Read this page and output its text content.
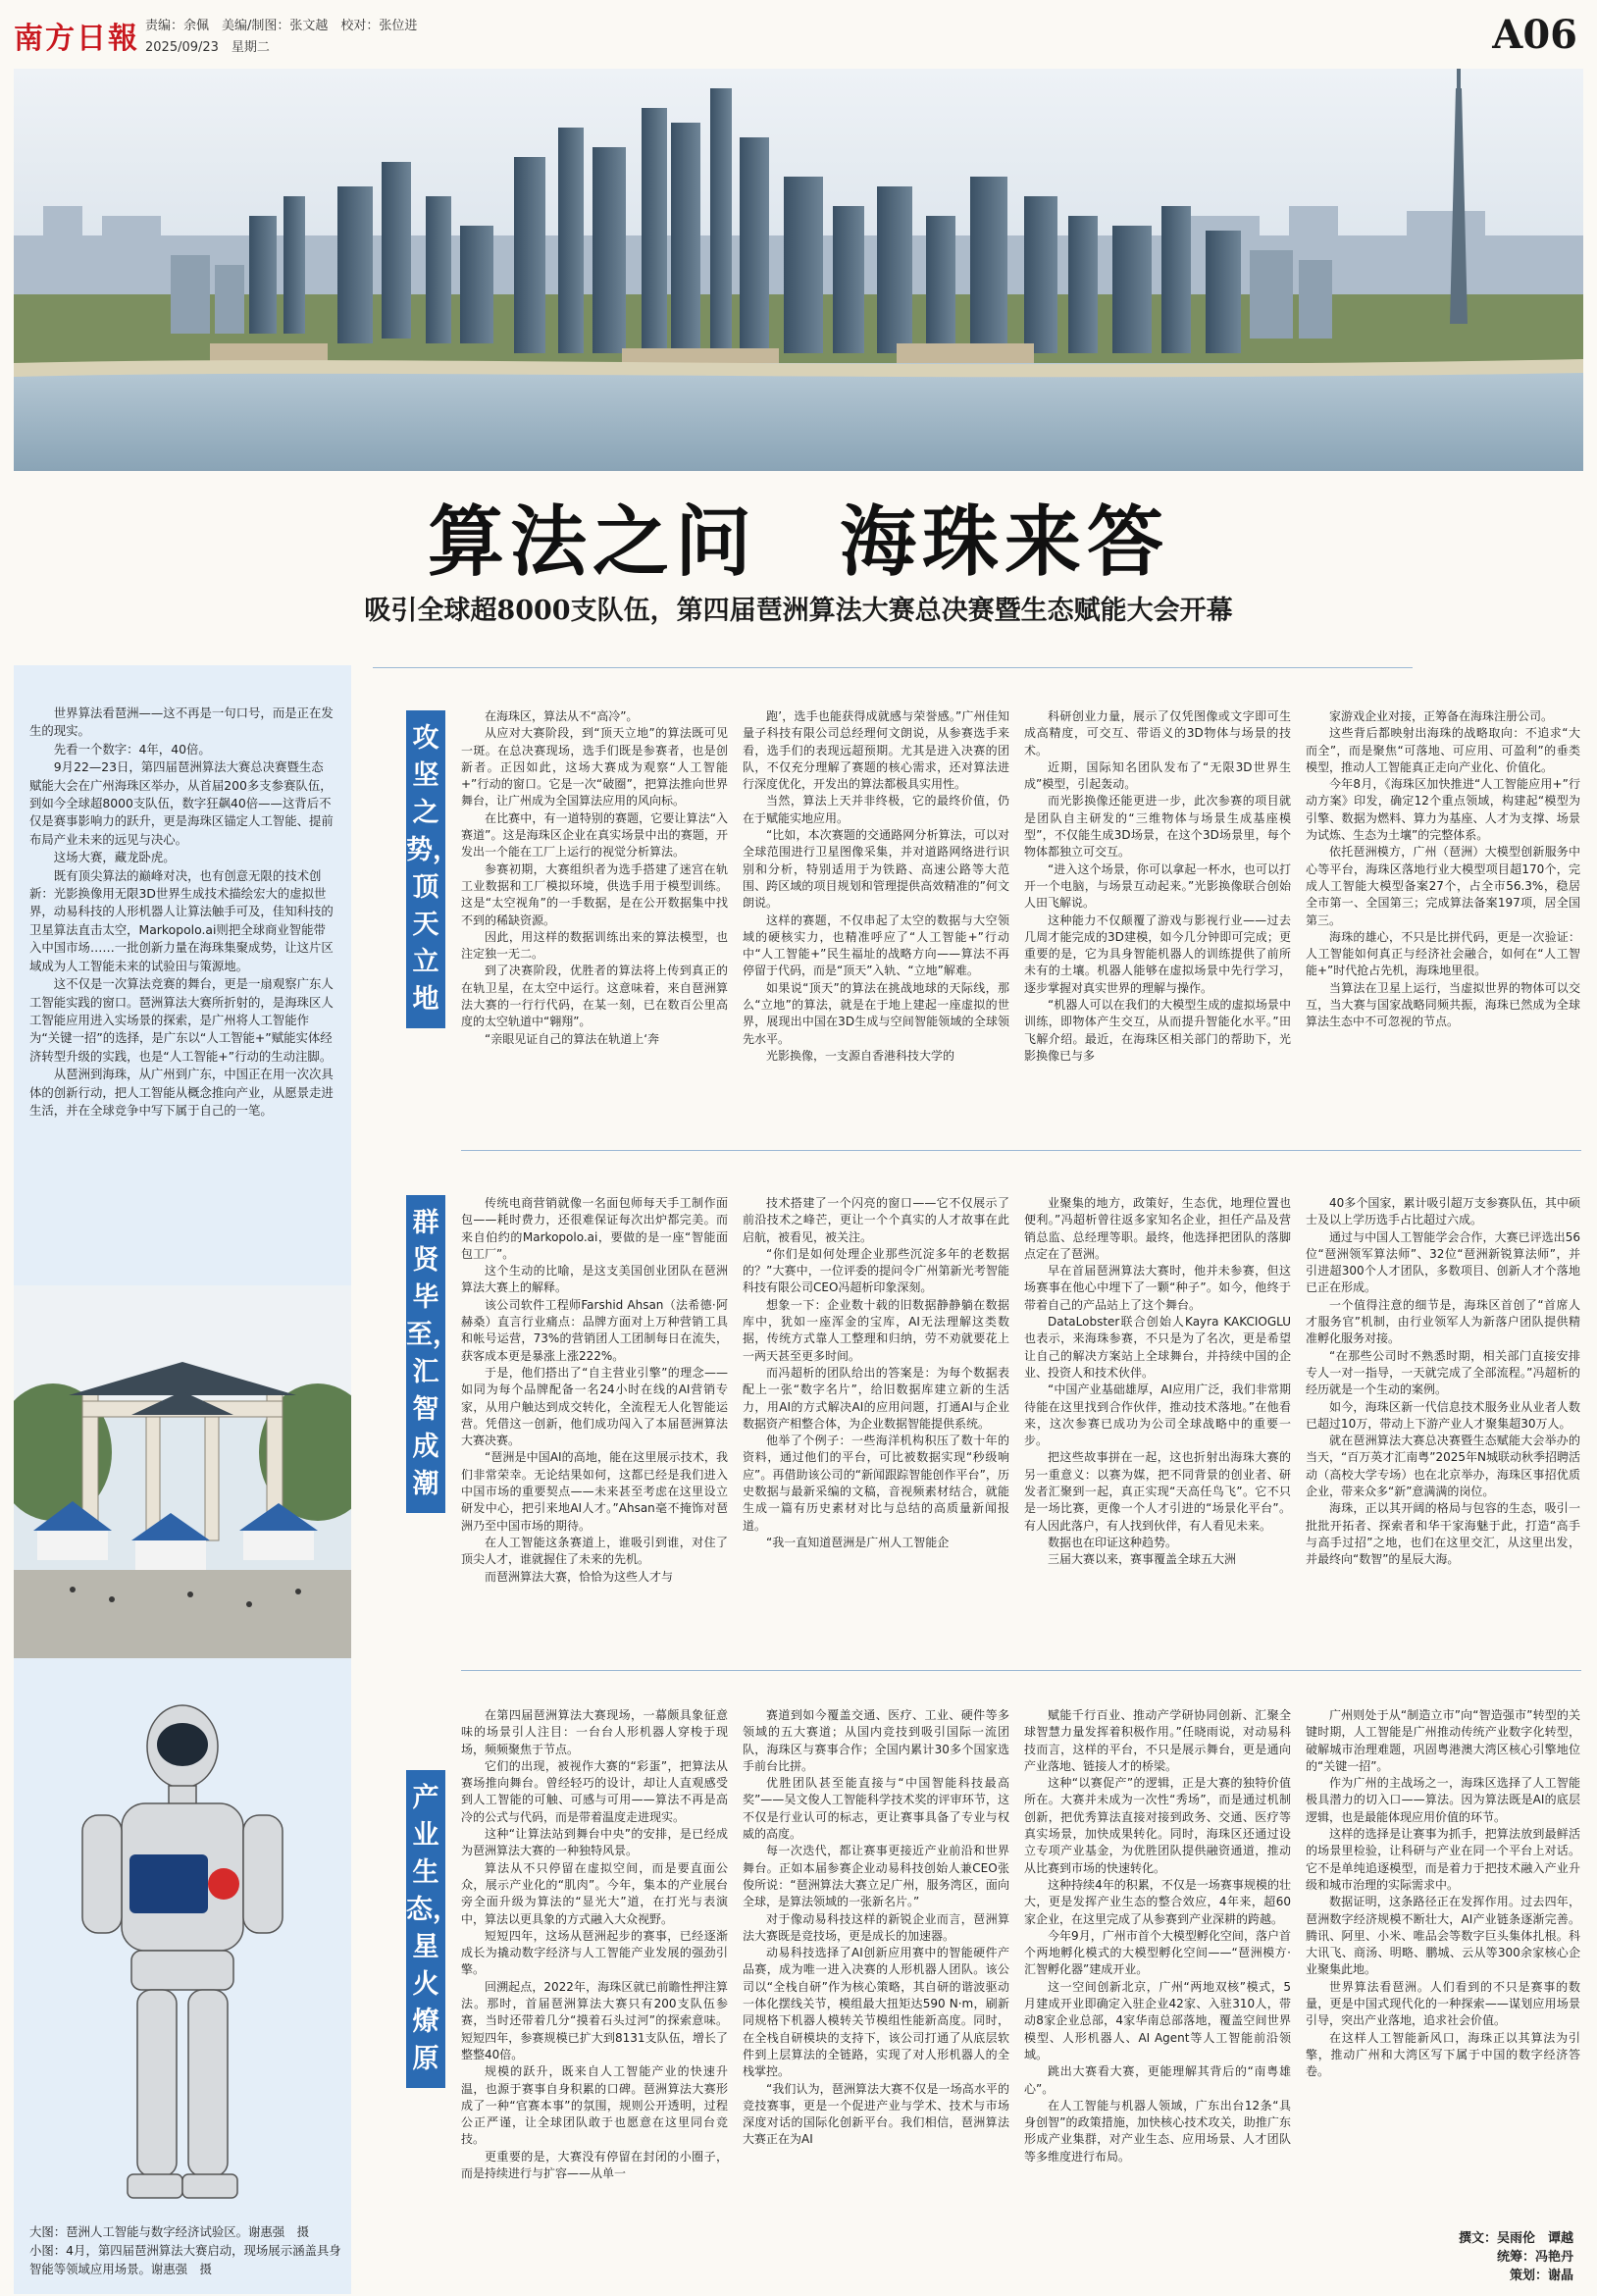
南方日報 责编：余佩　美编/制图：张文越　校对：张位进
2025/09/23　星期二	A06
算法之问　海珠来答
吸引全球超8000支队伍，第四届琶洲算法大赛总决赛暨生态赋能大会开幕

世界算法看琶洲——这不再是一句口号，而是正在发生的现实。

先看一个数字：4年，40倍。

9月22—23日，第四届琶洲算法大赛总决赛暨生态赋能大会在广州海珠区举办，从首届200多支参赛队伍，到如今全球超8000支队伍，数字狂飙40倍——这背后不仅是赛事影响力的跃升，更是海珠区锚定人工智能、提前布局产业未来的远见与决心。

这场大赛，藏龙卧虎。

既有顶尖算法的巅峰对决，也有创意无限的技术创新：光影换像用无限3D世界生成技术描绘宏大的虚拟世界，动易科技的人形机器人让算法触手可及，佳知科技的卫星算法直击太空，Markopolo.ai则把全球商业智能带入中国市场……一批创新力量在海珠集聚成势，让这片区域成为人工智能未来的试验田与策源地。

这不仅是一次算法竞赛的舞台，更是一扇观察广东人工智能实践的窗口。琶洲算法大赛所折射的，是海珠区人工智能应用进入实场景的探索，是广州将人工智能作为“关键一招”的选择，是广东以“人工智能+”赋能实体经济转型升级的实践，也是“人工智能+”行动的生动注脚。

从琶洲到海珠，从广州到广东，中国正在用一次次具体的创新行动，把人工智能从概念推向产业，从愿景走进生活，并在全球竞争中写下属于自己的一笔。

大图：琶洲人工智能与数字经济试验区。谢惠强　摄
小图：4月，第四届琶洲算法大赛启动，现场展示涵盖具身智能等领域应用场景。谢惠强　摄
攻坚之势，顶天立地

在海珠区，算法从不“高冷”。

从应对大赛阶段，到“顶天立地”的算法既可见一斑。在总决赛现场，选手们既是参赛者，也是创新者。正因如此，这场大赛成为观察“人工智能+”行动的窗口。它是一次“破圈”，把算法推向世界舞台，让广州成为全国算法应用的风向标。

在比赛中，有一道特别的赛题，它要让算法“入赛道”。这是海珠区企业在真实场景中出的赛题，开发出一个能在工厂上运行的视觉分析算法。

参赛初期，大赛组织者为选手搭建了迷宫在轨工业数据和工厂模拟环境，供选手用于模型训练。这是“太空视角”的一手数据，是在公开数据集中找不到的稀缺资源。

因此，用这样的数据训练出来的算法模型，也注定独一无二。

到了决赛阶段，优胜者的算法将上传到真正的在轨卫星，在太空中运行。这意味着，来自琶洲算法大赛的一行行代码，在某一刻，已在数百公里高度的太空轨道中“翱翔”。

“亲眼见证自己的算法在轨道上‘奔

跑’，选手也能获得成就感与荣誉感。”广州佳知量子科技有限公司总经理何文朗说，从参赛选手来看，选手们的表现远超预期。尤其是进入决赛的团队，不仅充分理解了赛题的核心需求，还对算法进行深度优化，开发出的算法都极具实用性。

当然，算法上天并非终极，它的最终价值，仍在于赋能实地应用。

“比如，本次赛题的交通路网分析算法，可以对全球范围进行卫星图像采集，并对道路网络进行识别和分析，特别适用于为铁路、高速公路等大范围、跨区域的项目规划和管理提供高效精准的”何文朗说。

这样的赛题，不仅串起了太空的数据与大空领域的硬核实力，也精准呼应了“人工智能+”行动中“人工智能+”民生福址的战略方向——算法不再停留于代码，而是“顶天”入轨、“立地”解难。

如果说“顶天”的算法在挑战地球的天际线，那么“立地”的算法，就是在于地上建起一座虚拟的世界，展现出中国在3D生成与空间智能领域的全球领先水平。

光影换像，一支源自香港科技大学的

科研创业力量，展示了仅凭图像或文字即可生成高精度，可交互、带语义的3D物体与场景的技术。

近期，国际知名团队发布了“无限3D世界生成”模型，引起轰动。

而光影换像还能更进一步，此次参赛的项目就是团队自主研发的“三维物体与场景生成基座模型”，不仅能生成3D场景，在这个3D场景里，每个物体都独立可交互。

“进入这个场景，你可以拿起一杯水，也可以打开一个电脑，与场景互动起来。”光影换像联合创始人田飞解说。

这种能力不仅颠覆了游戏与影视行业——过去几周才能完成的3D建模，如今几分钟即可完成；更重要的是，它为具身智能机器人的训练提供了前所未有的土壤。机器人能够在虚拟场景中先行学习，逐步掌握对真实世界的理解与操作。

“机器人可以在我们的大模型生成的虚拟场景中训练，即物体产生交互，从而提升智能化水平。”田飞解介绍。最近，在海珠区相关部门的帮助下，光影换像已与多

家游戏企业对接，正筹备在海珠注册公司。

这些背后都映射出海珠的战略取向：不追求“大而全”，而是聚焦“可落地、可应用、可盈利”的垂类模型，推动人工智能真正走向产业化、价值化。

今年8月，《海珠区加快推进“人工智能应用+”行动方案》印发，确定12个重点领域，构建起“模型为引擎、数据为燃料、算力为基座、人才为支撑、场景为试炼、生态为土壤”的完整体系。

依托琶洲模方，广州（琶洲）大模型创新服务中心等平台，海珠区落地行业大模型项目超170个，完成人工智能大模型备案27个，占全市56.3%，稳居全市第一、全国第三；完成算法备案197项，居全国第三。

海珠的雄心，不只是比拼代码，更是一次验证：人工智能如何真正与经济社会融合，如何在“人工智能+”时代抢占先机，海珠地里很。

当算法在卫星上运行，当虚拟世界的物体可以交互，当大赛与国家战略同频共振，海珠已然成为全球算法生态中不可忽视的节点。

群贤毕至，汇智成潮

传统电商营销就像一名面包师每天手工制作面包——耗时费力，还很难保证每次出炉都完美。而来自伯约的Markopolo.ai，要做的是一座“智能面包工厂”。

这个生动的比喻，是这支美国创业团队在琶洲算法大赛上的解释。

该公司软件工程师Farshid Ahsan（法希德·阿赫桑）直言行业痛点：品牌方面对上万种营销工具和帐号运营，73%的营销团人工团制每日在流失，获客成本更是暴涨上涨222%。

于是，他们搭出了“自主营业引擎”的理念——如同为每个品牌配备一名24小时在线的AI营销专家，从用户触达到成交转化，全流程无人化智能运营。凭借这一创新，他们成功闯入了本届琶洲算法大赛决赛。

“琶洲是中国AI的高地，能在这里展示技术，我们非常荣幸。无论结果如何，这都已经是我们进入中国市场的重要契点——未来甚至考虑在这里设立研发中心，把引来地AI人才。”Ahsan毫不掩饰对琶洲乃至中国市场的期待。

在人工智能这条赛道上，谁吸引到谁，对住了顶尖人才，谁就握住了未来的先机。

而琶洲算法大赛，恰恰为这些人才与

技术搭建了一个闪亮的窗口——它不仅展示了前沿技术之峰芒，更让一个个真实的人才故事在此启航，被看见，被关注。

“你们是如何处理企业那些沉淀多年的老数据的？”大赛中，一位评委的提问令广州第新光考智能科技有限公司CEO冯超析印象深刻。

想象一下：企业数十载的旧数据静静躺在数据库中，犹如一座浑金的宝库，AI无法理解这类数据，传统方式靠人工整理和归纳，劳不劝就要花上一两天甚至更多时间。

而冯超析的团队给出的答案是：为每个数据表配上一张“数字名片”，给旧数据库建立新的生活力，用AI的方式解决AI的应用问题，打通AI与企业数据资产相整合体，为企业数据智能提供系统。

他举了个例子：一些海洋机构积压了数十年的资料，通过他们的平台，可比被数据实现“秒级响应”。再借助该公司的“新闻跟踪智能创作平台”，历史数据与最新采编的文稿，音视频素材结合，就能生成一篇有历史素材对比与总结的高质量新闻报道。

“我一直知道琶洲是广州人工智能企

业聚集的地方，政策好，生态优，地理位置也便利。”冯超析曾往返多家知名企业，担任产品及营销总监、总经理等职。最终，他选择把团队的落脚点定在了琶洲。

早在首届琶洲算法大赛时，他并未参赛，但这场赛事在他心中埋下了一颗“种子”。如今，他终于带着自己的产品站上了这个舞台。

DataLobster联合创始人Kayra KAKCIOGLU也表示，来海珠参赛，不只是为了名次，更是希望让自己的解决方案站上全球舞台，并持续中国的企业、投资人和技术伙伴。

“中国产业基础雄厚，AI应用广泛，我们非常期待能在这里找到合作伙伴，推动技术落地。”在他看来，这次参赛已成功为公司全球战略中的重要一步。

把这些故事拼在一起，这也折射出海珠大赛的另一重意义：以赛为媒，把不同背景的创业者、研发者汇聚到一起，真正实现“天高任鸟飞”。它不只是一场比赛，更像一个人才引进的“场景化平台”。有人因此落户，有人找到伙伴，有人看见未来。

数据也在印证这种趋势。

三届大赛以来，赛事覆盖全球五大洲

40多个国家，累计吸引超万支参赛队伍，其中硕士及以上学历选手占比超过六成。

通过与中国人工智能学会合作，大赛已评选出56位“琶洲领军算法师”、32位“琶洲新锐算法师”，并引进超300个人才团队，多数项目、创新人才个落地已正在形成。

一个值得注意的细节是，海珠区首创了“首席人才服务官”机制，由行业领军人为新落户团队提供精准孵化服务对接。

“在那些公司时不熟悉时期，相关部门直接安排专人一对一指导，一天就完成了全部流程。”冯超析的经历就是一个生动的案例。

如今，海珠区新一代信息技术服务业从业者人数已超过10万，带动上下游产业人才聚集超30万人。

就在琶洲算法大赛总决赛暨生态赋能大会举办的当天，“百万英才汇南粤”2025年N城联动秋季招聘活动（高校大学专场）也在北京举办，海珠区事招优质企业，带来众多“新”意满满的岗位。

海珠，正以其开阔的格局与包容的生态，吸引一批批开拓者、探索者和华干家海魅于此，打造“高手与高手过招”之地，也们在这里交汇，从这里出发，并最终向“数智”的星辰大海。

产业生态，星火燎原

在第四届琶洲算法大赛现场，一幕颇具象征意味的场景引人注目：一台台人形机器人穿梭于现场，频频聚焦于节点。

它们的出现，被视作大赛的“彩蛋”，把算法从赛场推向舞台。曾经轻巧的设计，却让人直观感受到人工智能的可触、可感与可用——算法不再是高冷的公式与代码，而是带着温度走进现实。

这种“让算法站到舞台中央”的安排，是已经成为琶洲算法大赛的一种独特风景。

算法从不只停留在虚拟空间，而是要直面公众，展示产业化的“肌肉”。今年，集本的产业展台旁全面升级为算法的“显光大”道，在打光与表演中，算法以更具象的方式融入大众视野。

短短四年，这场从琶洲起步的赛事，已经逐渐成长为撬动数字经济与人工智能产业发展的强劲引擎。

回溯起点，2022年，海珠区就已前瞻性押注算法。那时，首届琶洲算法大赛只有200支队伍参赛，当时还带着几分“摸着石头过河”的探索意味。短短四年，参赛规模已扩大到8131支队伍，增长了整整40倍。

规模的跃升，既来自人工智能产业的快速升温，也源于赛事自身积累的口碑。琶洲算法大赛形成了一种“官赛本事”的氛围，规则公开透明，过程公正严谨，让全球团队敢于也愿意在这里同台竞技。

更重要的是，大赛没有停留在封闭的小圈子，而是持续进行与扩容——从单一

赛道到如今覆盖交通、医疗、工业、硬件等多领域的五大赛道；从国内竞技到吸引国际一流团队，海珠区与赛事合作；全国内累计30多个国家选手前台比拼。

优胜团队甚至能直接与“中国智能科技最高奖”——吴文俊人工智能科学技术奖的评审环节，这不仅是行业认可的标志，更让赛事具备了专业与权威的高度。

每一次迭代，都让赛事更接近产业前沿和世界舞台。正如本届参赛企业动易科技创始人兼CEO张俊所说：“琶洲算法大赛立足广州，服务湾区，面向全球，是算法领域的一张新名片。”

对于像动易科技这样的新锐企业而言，琶洲算法大赛既是竞技场，更是成长的加速器。

动易科技选择了AI创新应用赛中的智能硬件产品赛，成为唯一进入决赛的人形机器人团队。该公司以“全栈自研”作为核心策略，其自研的谐波驱动一体化摆线关节，模组最大扭矩达590 N·m，刷新同规格下机器人模转关节模组性能新高度。同时，在全栈自研模块的支持下，该公司打通了从底层软件到上层算法的全链路，实现了对人形机器人的全栈掌控。

“我们认为，琶洲算法大赛不仅是一场高水平的竞技赛事，更是一个促进产业与学术、技术与市场深度对话的国际化创新平台。我们相信，琶洲算法大赛正在为AI

赋能千行百业、推动产学研协同创新、汇聚全球智慧力量发挥着积极作用。”任晓雨说，对动易科技而言，这样的平台，不只是展示舞台，更是通向产业落地、链接人才的桥梁。

这种“以赛促产”的逻辑，正是大赛的独特价值所在。大赛并未成为一次性“秀场”，而是通过机制创新，把优秀算法直接对接到政务、交通、医疗等真实场景，加快成果转化。同时，海珠区还通过设立专项产业基金，为优胜团队提供融资通道，推动从比赛到市场的快速转化。

这种持续4年的积累，不仅是一场赛事规模的壮大，更是发挥产业生态的整合效应，4年来，超60家企业，在这里完成了从参赛到产业深耕的跨越。

今年9月，广州市首个大模型孵化空间，落户首个两地孵化模式的大模型孵化空间——“琶洲模方·汇智孵化器”建成开业。

这一空间创新北京，广州“两地双核”模式，5月建成开业即确定入驻企业42家、入驻310人，带动8家企业总部，4家华南总部落地，覆盖空间世界模型、人形机器人、AI Agent等人工智能前沿领域。

跳出大赛看大赛，更能理解其背后的“南粤雄心”。

在人工智能与机器人领域，广东出台12条“具身创智”的政策措施，加快核心技术攻关，助推广东形成产业集群，对产业生态、应用场景、人才团队等多维度进行布局。

广州则处于从“制造立市”向“智造强市”转型的关键时期，人工智能是广州推动传统产业数字化转型，破解城市治理难题，巩固粤港澳大湾区核心引擎地位的“关键一招”。

作为广州的主战场之一，海珠区选择了人工智能极具潜力的切入口——算法。因为算法既是AI的底层逻辑，也是最能体现应用价值的环节。

这样的选择是让赛事为抓手，把算法放到最鲜活的场景里检验，让科研与产业在同一个平台上对话。它不是单纯追逐模型，而是着力于把技术融入产业升级和城市治理的实际需求中。

数据证明，这条路径正在发挥作用。过去四年，琶洲数字经济规模不断壮大，AI产业链条逐渐完善。腾讯、阿里、小米、唯品会等数字巨头集体扎根。科大讯飞、商汤、明略、鹏城、云从等300余家核心企业聚集此地。

世界算法看琶洲。人们看到的不只是赛事的数量，更是中国式现代化的一种探索——谋划应用场景引导，突出产业落地，追求社会价值。

在这样人工智能新风口，海珠正以其算法为引擎，推动广州和大湾区写下属于中国的数字经济答卷。

撰文：吴雨伦　谭越
统筹：冯艳丹
策划：谢晶
